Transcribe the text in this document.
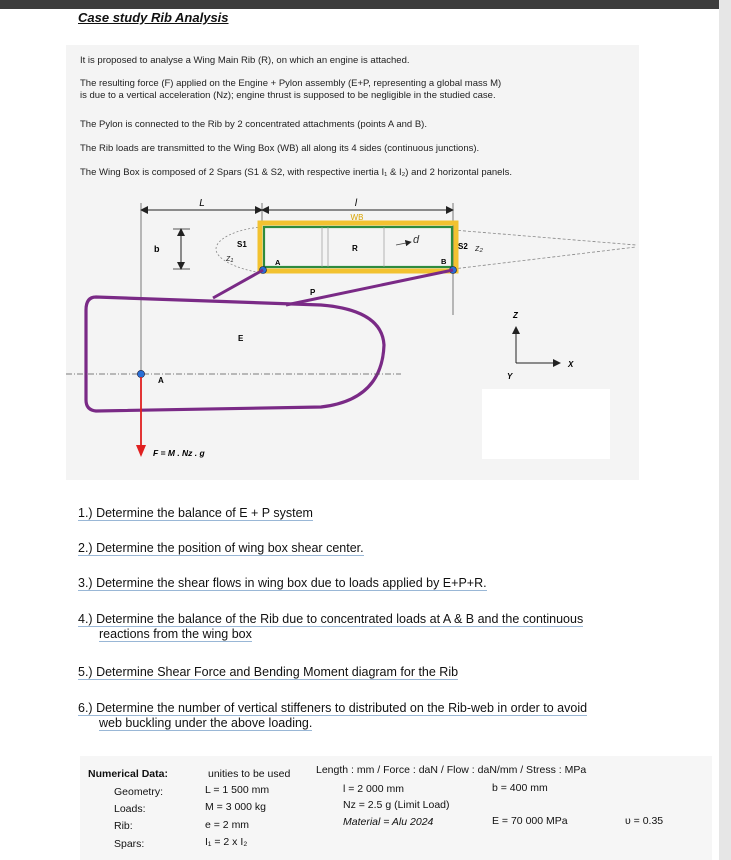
Case study Rib Analysis
It is proposed to analyse a Wing Main Rib (R), on which an engine is attached.
The resulting force (F) applied on the Engine + Pylon assembly (E+P, representing a global mass M)
is due to a vertical acceleration (Nz); engine thrust is supposed to be negligible in the studied case.
The Pylon is connected to the Rib by 2 concentrated attachments (points A and B).
The Rib loads are transmitted to the Wing Box (WB) all along its 4 sides (continuous junctions).
The Wing Box is composed of 2 Spars (S1 & S2, with respective inertia I₁ & I₂) and 2 horizontal panels.
L	l
b
WB
S1	S2
A	B
R
d
z₁
z₂
P
E
A
F = M . Nz . g
Z
X
Y
1.) Determine the balance of E + P system
2.) Determine the position of wing box shear center.
3.) Determine the shear flows in wing box due to loads applied by E+P+R.
4.) Determine the balance of the Rib due to concentrated loads at A & B and the continuous
reactions from the wing box
5.) Determine Shear Force and Bending Moment diagram for the Rib
6.) Determine the number of vertical stiffeners to distributed on the Rib-web in order to avoid
web buckling under the above loading.
Numerical Data:	unities to be used Length : mm / Force : daN / Flow : daN/mm / Stress : MPa
Geometry:	L = 1 500 mm	l = 2 000 mm	b = 400 mm
Loads:	M = 3 000 kg	Nz = 2.5 g (Limit Load)
Rib:	e = 2 mm	Material = Alu 2024	E = 70 000 MPa	υ = 0.35
Spars:	I₁ = 2 x I₂
